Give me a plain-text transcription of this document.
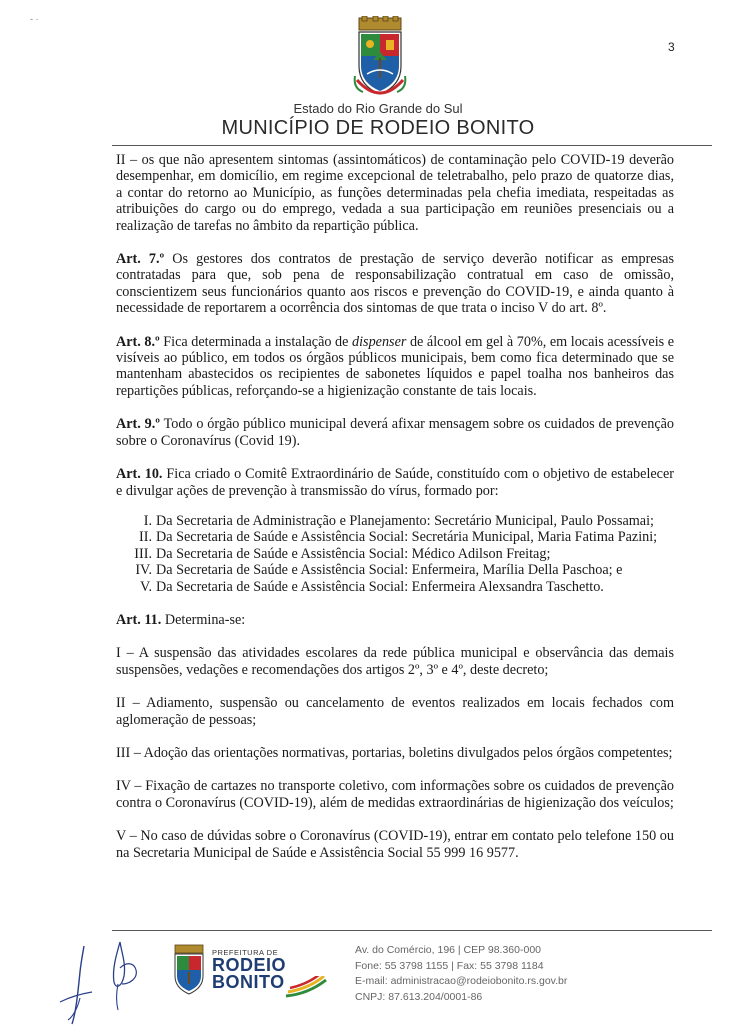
- ·
3
Estado do Rio Grande do Sul
MUNICÍPIO DE RODEIO BONITO

II – os que não apresentem sintomas (assintomáticos) de contaminação pelo COVID-19 deverão desempenhar, em domicílio, em regime excepcional de teletrabalho, pelo prazo de quatorze dias, a contar do retorno ao Município, as funções determinadas pela chefia imediata, respeitadas as atribuições do cargo ou do emprego, vedada a sua participação em reuniões presenciais ou a realização de tarefas no âmbito da repartição pública.

Art. 7.º Os gestores dos contratos de prestação de serviço deverão notificar as empresas contratadas para que, sob pena de responsabilização contratual em caso de omissão, conscientizem seus funcionários quanto aos riscos e prevenção do COVID-19, e ainda quanto à necessidade de reportarem a ocorrência dos sintomas de que trata o inciso V do art. 8º.

Art. 8.º Fica determinada a instalação de dispenser de álcool em gel à 70%, em locais acessíveis e visíveis ao público, em todos os órgãos públicos municipais, bem como fica determinado que se mantenham abastecidos os recipientes de sabonetes líquidos e papel toalha nos banheiros das repartições públicas, reforçando-se a higienização constante de tais locais.

Art. 9.º Todo o órgão público municipal deverá afixar mensagem sobre os cuidados de prevenção sobre o Coronavírus (Covid 19).

Art. 10. Fica criado o Comitê Extraordinário de Saúde, constituído com o objetivo de estabelecer e divulgar ações de prevenção à transmissão do vírus, formado por:

I. Da Secretaria de Administração e Planejamento: Secretário Municipal, Paulo Possamai;
II. Da Secretaria de Saúde e Assistência Social: Secretária Municipal, Maria Fatima Pazini;
III. Da Secretaria de Saúde e Assistência Social: Médico Adilson Freitag;
IV. Da Secretaria de Saúde e Assistência Social: Enfermeira, Marília Della Paschoa; e
V. Da Secretaria de Saúde e Assistência Social: Enfermeira Alexsandra Taschetto.

Art. 11. Determina-se:

I – A suspensão das atividades escolares da rede pública municipal e observância das demais suspensões, vedações e recomendações dos artigos 2º, 3º e 4º, deste decreto;

II – Adiamento, suspensão ou cancelamento de eventos realizados em locais fechados com aglomeração de pessoas;

III – Adoção das orientações normativas, portarias, boletins divulgados pelos órgãos competentes;

IV – Fixação de cartazes no transporte coletivo, com informações sobre os cuidados de prevenção contra o Coronavírus (COVID-19), além de medidas extraordinárias de higienização dos veículos;

V – No caso de dúvidas sobre o Coronavírus (COVID-19), entrar em contato pelo telefone 150 ou na Secretaria Municipal de Saúde e Assistência Social 55 999 16 9577.

PREFEITURA DE
RODEIO
BONITO
Av. do Comércio, 196 | CEP 98.360-000
Fone: 55 3798 1155 | Fax: 55 3798 1184
E-mail: administracao@rodeiobonito.rs.gov.br
CNPJ: 87.613.204/0001-86
